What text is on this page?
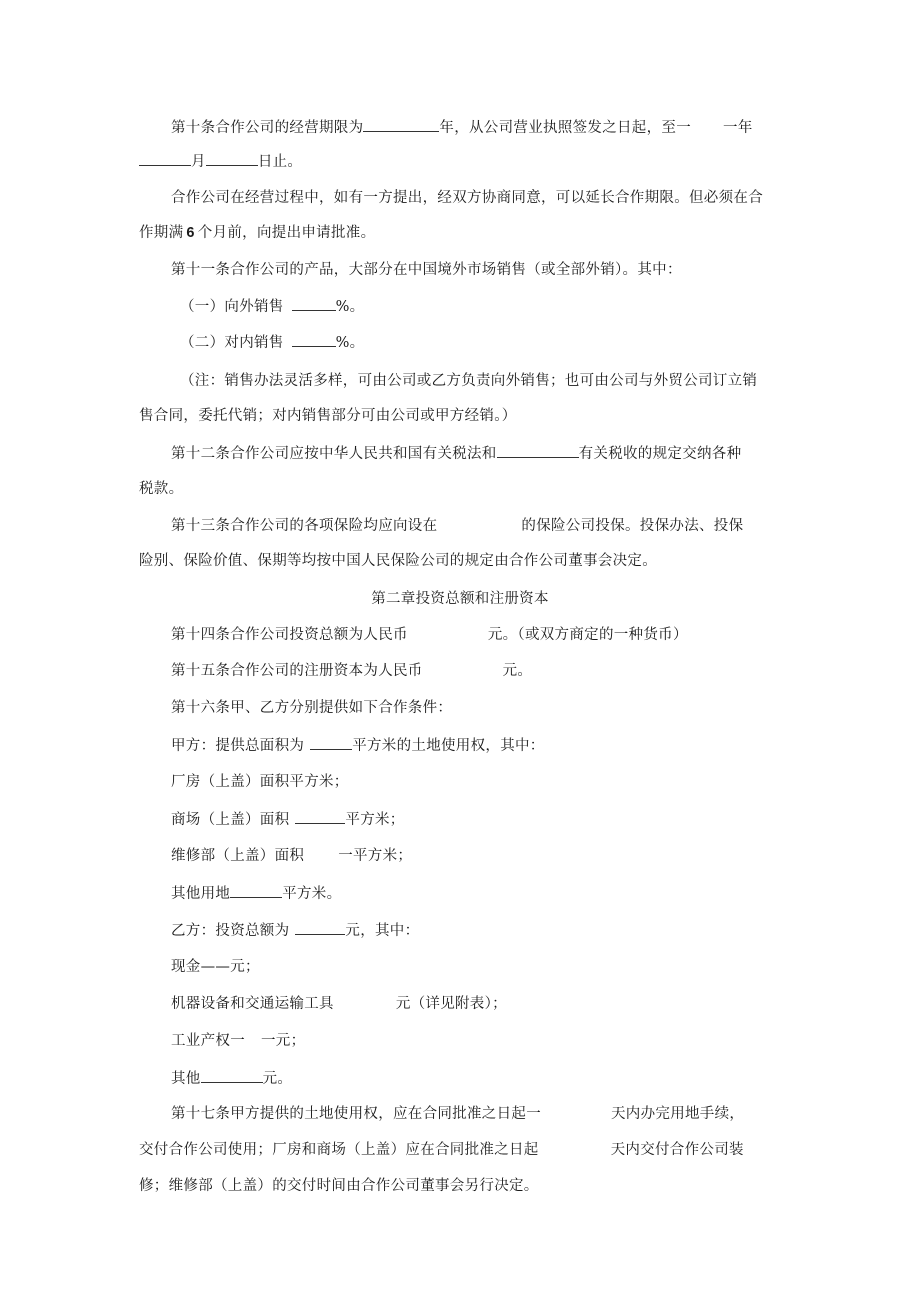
第十条合作公司的经营期限为	年，从公司营业执照签发之日起，至一 一年
月	日止。
合作公司在经营过程中，如有一方提出，经双方协商同意，可以延长合作期限。但必须在合
作期满 6 个月前，向提出申请批准。
第十一条合作公司的产品，大部分在中国境外市场销售（或全部外销）。其中：
（一）向外销售	%。
（二）对内销售	%。
（注：销售办法灵活多样，可由公司或乙方负责向外销售；也可由公司与外贸公司订立销
售合同，委托代销；对内销售部分可由公司或甲方经销。）
第十二条合作公司应按中华人民共和国有关税法和	有关税收的规定交纳各种
税款。
第十三条合作公司的各项保险均应向设在	的保险公司投保。投保办法、投保
险别、保险价值、保期等均按中国人民保险公司的规定由合作公司董事会决定。
第二章投资总额和注册资本
第十四条合作公司投资总额为人民币	元。（或双方商定的一种货币）
第十五条合作公司的注册资本为人民币	元。
第十六条甲、乙方分别提供如下合作条件：
甲方：提供总面积为	平方米的土地使用权，其中：
厂房（上盖）面积平方米；
商场（上盖）面积	平方米；
维修部（上盖）面积 一平方米；
其他用地	平方米。
乙方：投资总额为	元，其中：
现金——元；
机器设备和交通运输工具	元（详见附表）；
工业产权一 一元；
其他	元。
第十七条甲方提供的土地使用权，应在合同批准之日起一	天内办完用地手续，
交付合作公司使用；厂房和商场（上盖）应在合同批准之日起	天内交付合作公司装
修；维修部（上盖）的交付时间由合作公司董事会另行决定。
